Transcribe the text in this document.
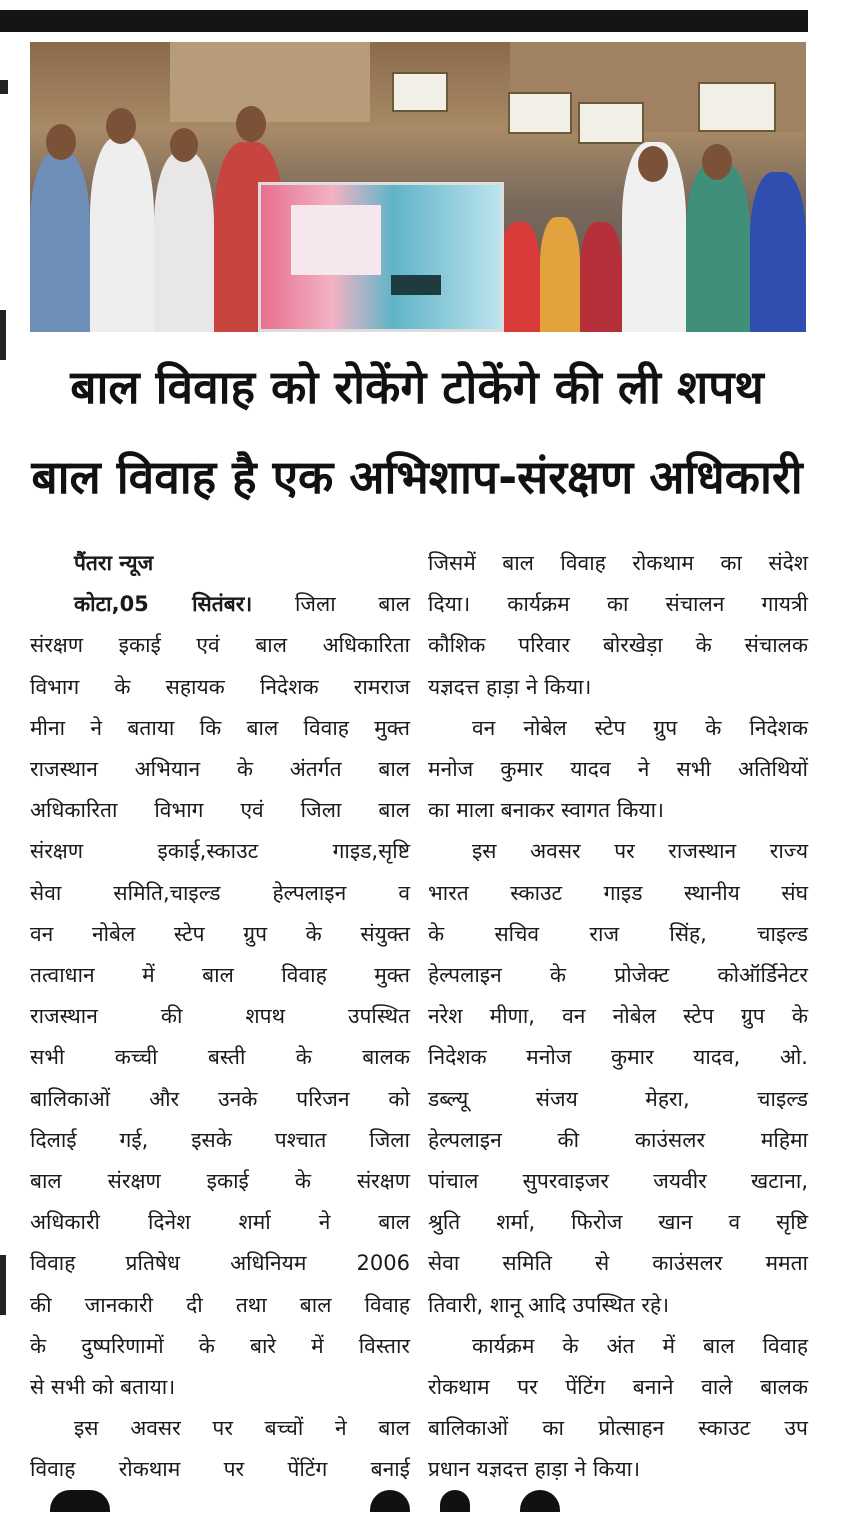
बाल विवाह को रोकेंगे टोकेंगे की ली शपथ
बाल विवाह है एक अभिशाप-संरक्षण अधिकारी
पैंतरा न्यूज
कोटा,05 सितंबर। जिला बाल
संरक्षण इकाई एवं बाल अधिकारिता
विभाग के सहायक निदेशक रामराज
मीना ने बताया कि बाल विवाह मुक्त
राजस्थान अभियान के अंतर्गत बाल
अधिकारिता विभाग एवं जिला बाल
संरक्षण इकाई,स्काउट गाइड,सृष्टि
सेवा समिति,चाइल्ड हेल्पलाइन व
वन नोबेल स्टेप ग्रुप के संयुक्त
तत्वाधान में बाल विवाह मुक्त
राजस्थान की शपथ उपस्थित
सभी कच्ची बस्ती के बालक
बालिकाओं और उनके परिजन को
दिलाई गई, इसके पश्चात जिला
बाल संरक्षण इकाई के संरक्षण
अधिकारी दिनेश शर्मा ने बाल
विवाह प्रतिषेध अधिनियम 2006
की जानकारी दी तथा बाल विवाह
के दुष्परिणामों के बारे में विस्तार
से सभी को बताया।
इस अवसर पर बच्चों ने बाल
विवाह रोकथाम पर पेंटिंग बनाई
जिसमें बाल विवाह रोकथाम का संदेश
दिया। कार्यक्रम का संचालन गायत्री
कौशिक परिवार बोरखेड़ा के संचालक
यज्ञदत्त हाड़ा ने किया।
वन नोबेल स्टेप ग्रुप के निदेशक
मनोज कुमार यादव ने सभी अतिथियों
का माला बनाकर स्वागत किया।
इस अवसर पर राजस्थान राज्य
भारत स्काउट गाइड स्थानीय संघ
के सचिव राज सिंह, चाइल्ड
हेल्पलाइन के प्रोजेक्ट कोऑर्डिनेटर
नरेश मीणा, वन नोबेल स्टेप ग्रुप के
निदेशक मनोज कुमार यादव, ओ.
डब्ल्यू संजय मेहरा, चाइल्ड
हेल्पलाइन की काउंसलर महिमा
पांचाल सुपरवाइजर जयवीर खटाना,
श्रुति शर्मा, फिरोज खान व सृष्टि
सेवा समिति से काउंसलर ममता
तिवारी, शानू आदि उपस्थित रहे।
कार्यक्रम के अंत में बाल विवाह
रोकथाम पर पेंटिंग बनाने वाले बालक
बालिकाओं का प्रोत्साहन स्काउट उप
प्रधान यज्ञदत्त हाड़ा ने किया।
